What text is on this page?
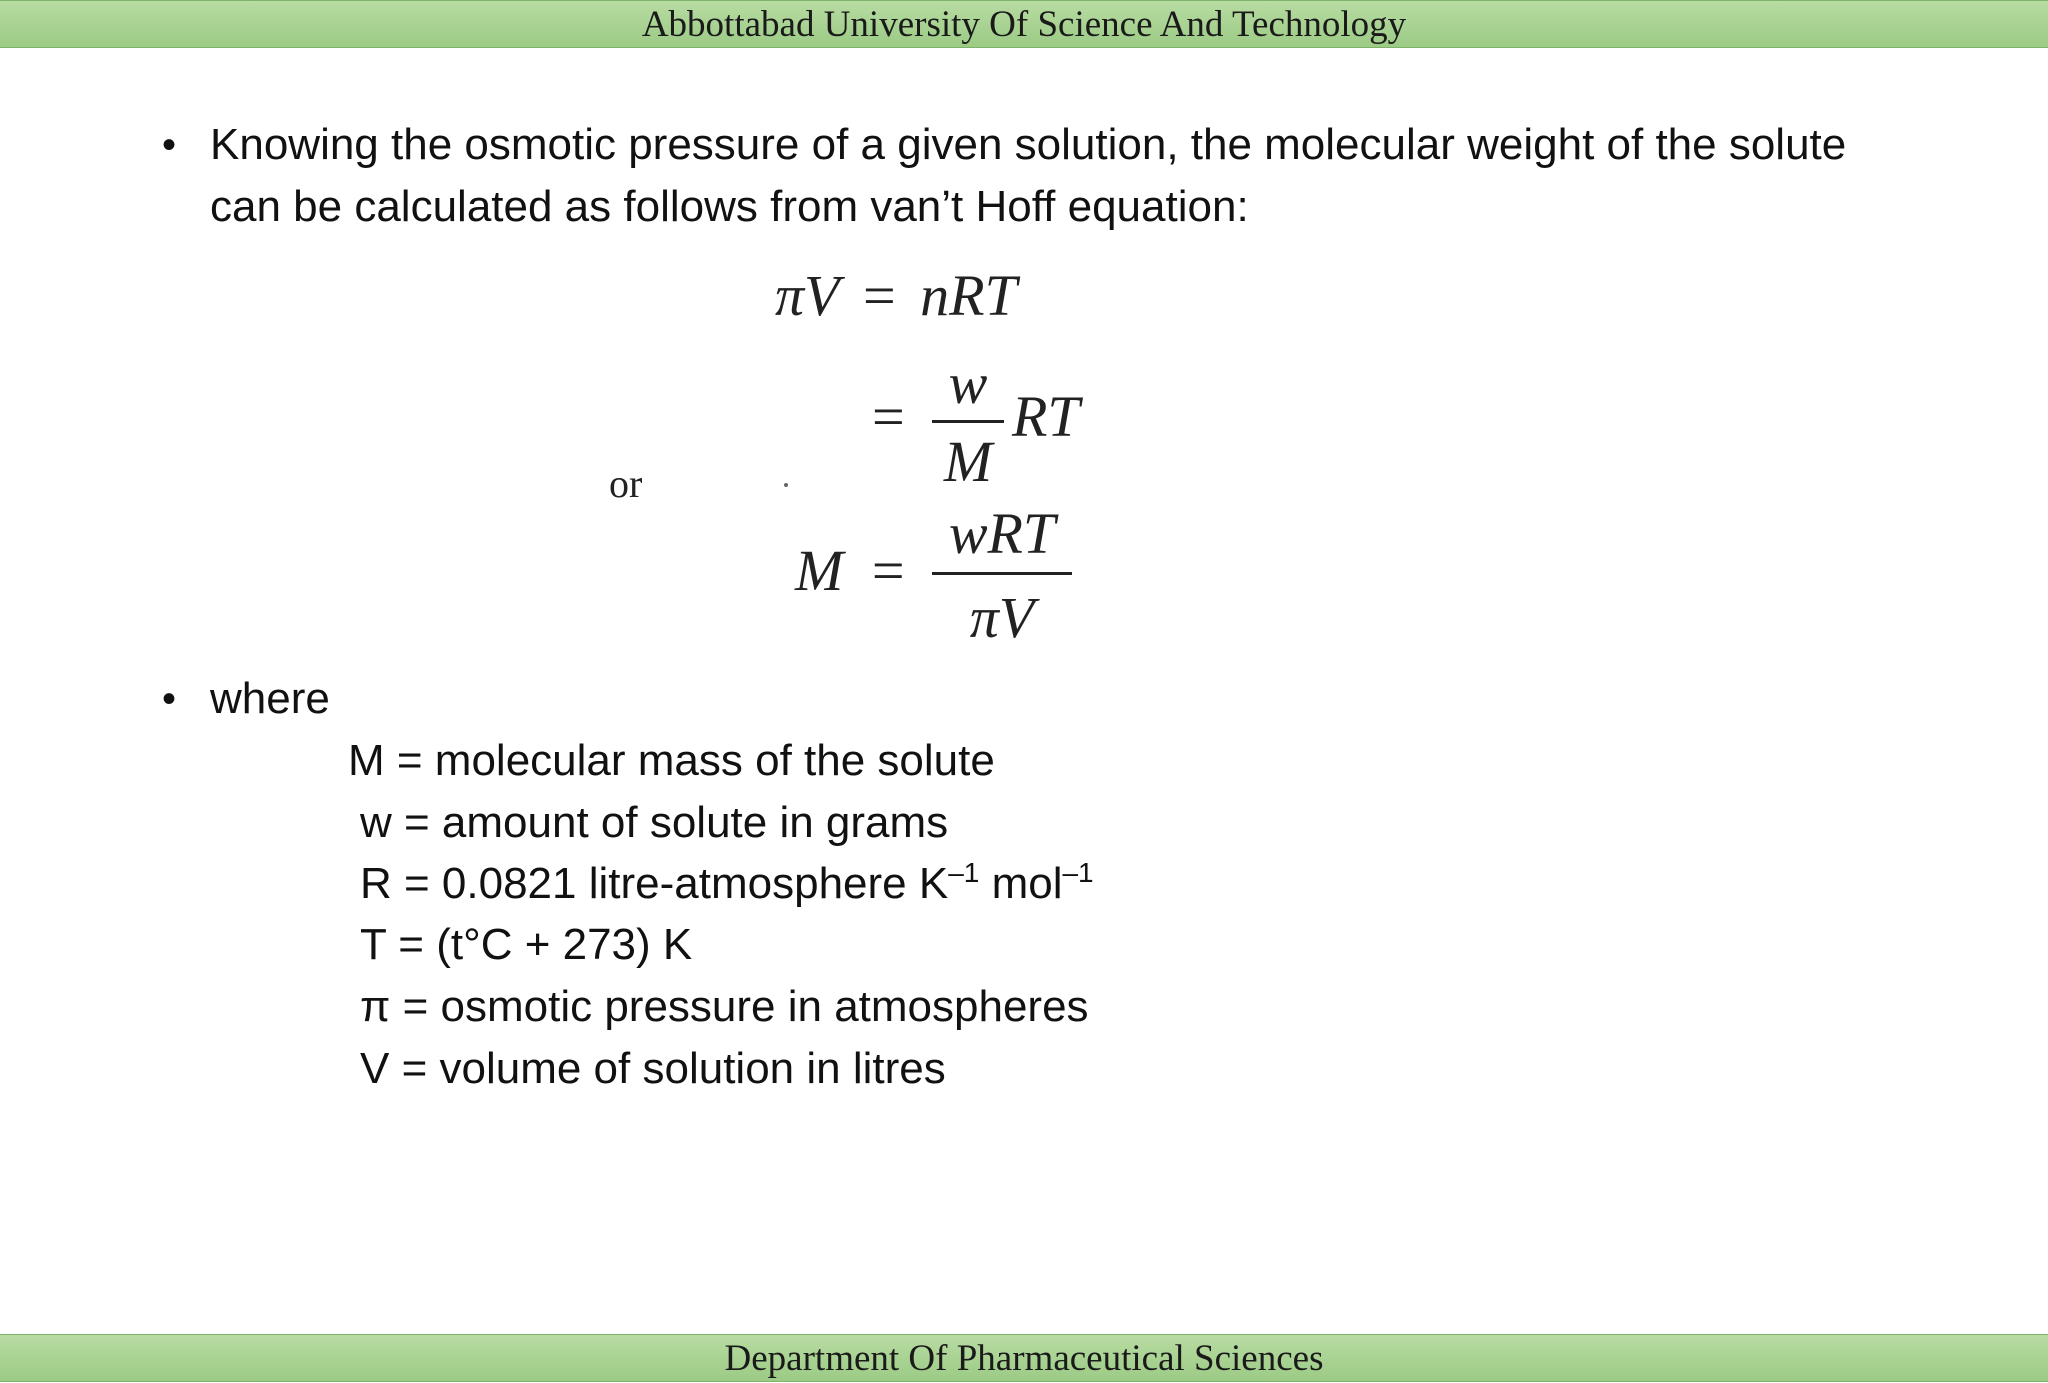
Abbottabad University Of Science And Technology
• Knowing the osmotic pressure of a given solution, the molecular weight of the solute
can be calculated as follows from van’t Hoff equation:
πV = nRT
=
w
M
RT
or
M =
wRT
πV
• where
M = molecular mass of the solute
w = amount of solute in grams
R = 0.0821 litre-atmosphere $K^{-1}$ mol$^{-1}$
T = (t°C + 273) K
π = osmotic pressure in atmospheres
V = volume of solution in litres
Department Of Pharmaceutical Sciences
